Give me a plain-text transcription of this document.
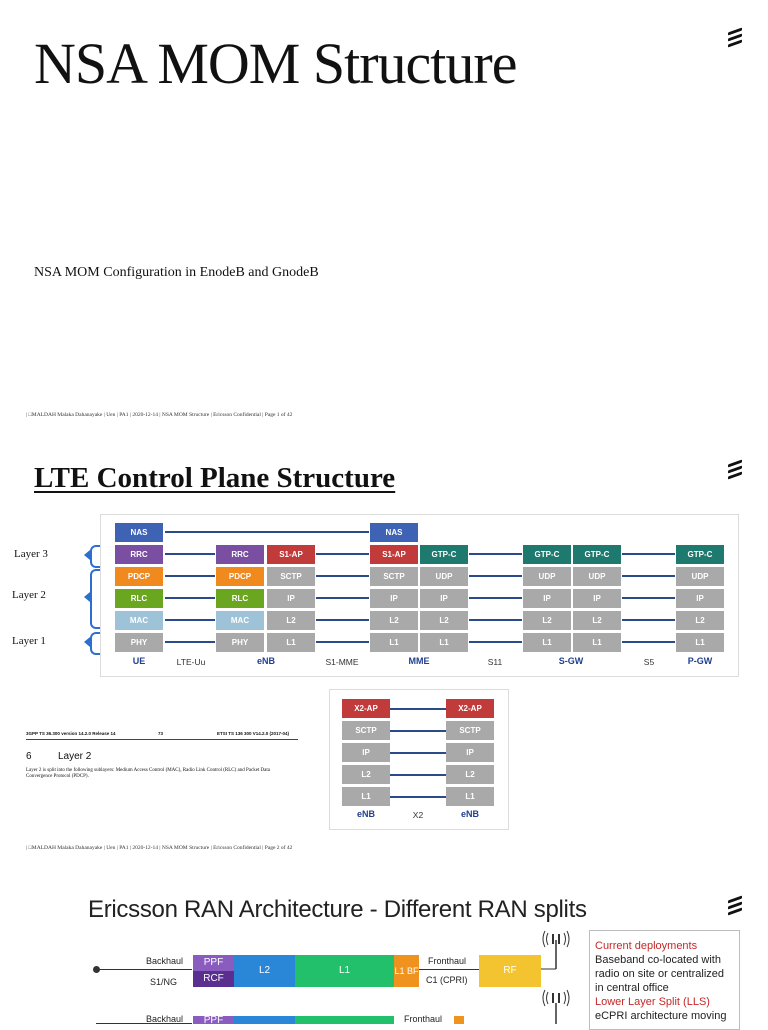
NSA MOM Structure
NSA MOM Configuration in EnodeB and GnodeB
| □MALDAH Malaka Dahanayake | Uen | PA1 | 2020-12-14 | NSA MOM Structure | Ericsson Confidential | Page 1 of 42
LTE Control Plane Structure
Layer 3
Layer 2
Layer 1
NAS
RRC
PDCP
RLC
MAC
PHY
RRC
PDCP
RLC
MAC
PHY
S1-AP
SCTP
IP
L2
L1
NAS
S1-AP
SCTP
IP
L2
L1
GTP-C
UDP
IP
L2
L1
GTP-C
UDP
IP
L2
L1
GTP-C
UDP
IP
L2
L1
GTP-C
UDP
IP
L2
L1
UE	eNB	MME	S-GW	P-GW
LTE-Uu	S1-MME	S11	S5
3GPP TS 36.300 version 14.2.0 Release 14	73	ETSI TS 136 300 V14.2.0 (2017-04)
6	Layer 2
Layer 2 is split into the following sublayers: Medium Access Control (MAC), Radio Link Control (RLC) and Packet Data Convergence Protocol (PDCP).
X2-AP
SCTP
IP
L2
L1
X2-AP
SCTP
IP
L2
L1
eNB	X2	eNB
| □MALDAH Malaka Dahanayake | Uen | PA1 | 2020-12-14 | NSA MOM Structure | Ericsson Confidential | Page 2 of 42
Ericsson RAN Architecture - Different RAN splits
Backhaul
S1/NG
PPF
RCF
L2	L1	L1 BF
Fronthaul
C1 (CPRI)
RF
Backhaul	PPF	Fronthaul
Current deployments
Baseband co-located with radio on site or centralized in central office
Lower Layer Split (LLS)
eCPRI architecture moving
